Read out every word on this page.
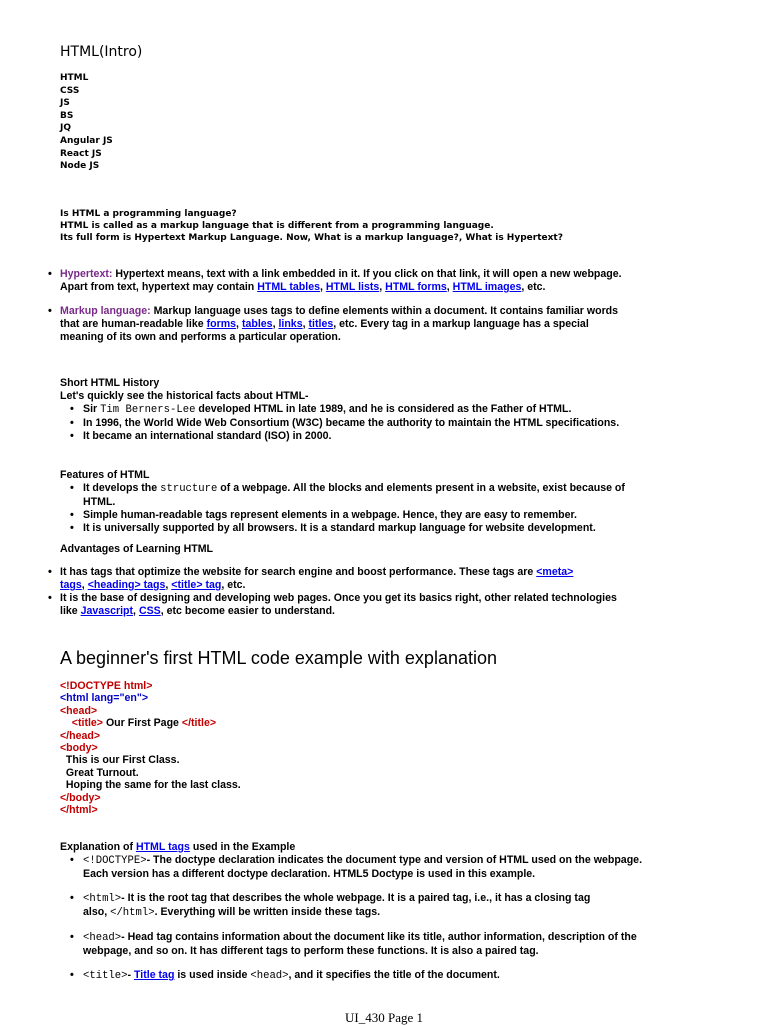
HTML(Intro)
HTML
CSS
JS
BS
JQ
Angular JS
React JS
Node JS
Is HTML a programming language?
HTML is called as a markup language that is different from a programming language.
Its full form is Hypertext Markup Language. Now, What is a markup language?, What is Hypertext?
• Hypertext: Hypertext means, text with a link embedded in it. If you click on that link, it will open a new webpage.
Apart from text, hypertext may contain HTML tables, HTML lists, HTML forms, HTML images, etc.
• Markup language: Markup language uses tags to define elements within a document. It contains familiar words
that are human-readable like forms, tables, links, titles, etc. Every tag in a markup language has a special
meaning of its own and performs a particular operation.
Short HTML History
Let's quickly see the historical facts about HTML-
• Sir Tim Berners-Lee developed HTML in late 1989, and he is considered as the Father of HTML.
• In 1996, the World Wide Web Consortium (W3C) became the authority to maintain the HTML specifications.
• It became an international standard (ISO) in 2000.
Features of HTML
• It develops the structure of a webpage. All the blocks and elements present in a website, exist because of
HTML.
• Simple human-readable tags represent elements in a webpage. Hence, they are easy to remember.
• It is universally supported by all browsers. It is a standard markup language for website development.
Advantages of Learning HTML
• It has tags that optimize the website for search engine and boost performance. These tags are <meta>
tags, <heading> tags, <title> tag, etc.
• It is the base of designing and developing web pages. Once you get its basics right, other related technologies
like Javascript, CSS, etc become easier to understand.
A beginner's first HTML code example with explanation
<!DOCTYPE html>
<html lang="en">
<head>
<title> Our First Page </title>
</head>
<body>
This is our First Class.
Great Turnout.
Hoping the same for the last class.
</body>
</html>
Explanation of HTML tags used in the Example
• <!DOCTYPE>- The doctype declaration indicates the document type and version of HTML used on the webpage.
Each version has a different doctype declaration. HTML5 Doctype is used in this example.
• <html>- It is the root tag that describes the whole webpage. It is a paired tag, i.e., it has a closing tag
also, </html>. Everything will be written inside these tags.
• <head>- Head tag contains information about the document like its title, author information, description of the
webpage, and so on. It has different tags to perform these functions. It is also a paired tag.
• <title>- Title tag is used inside <head>, and it specifies the title of the document.
UI_430 Page 1
